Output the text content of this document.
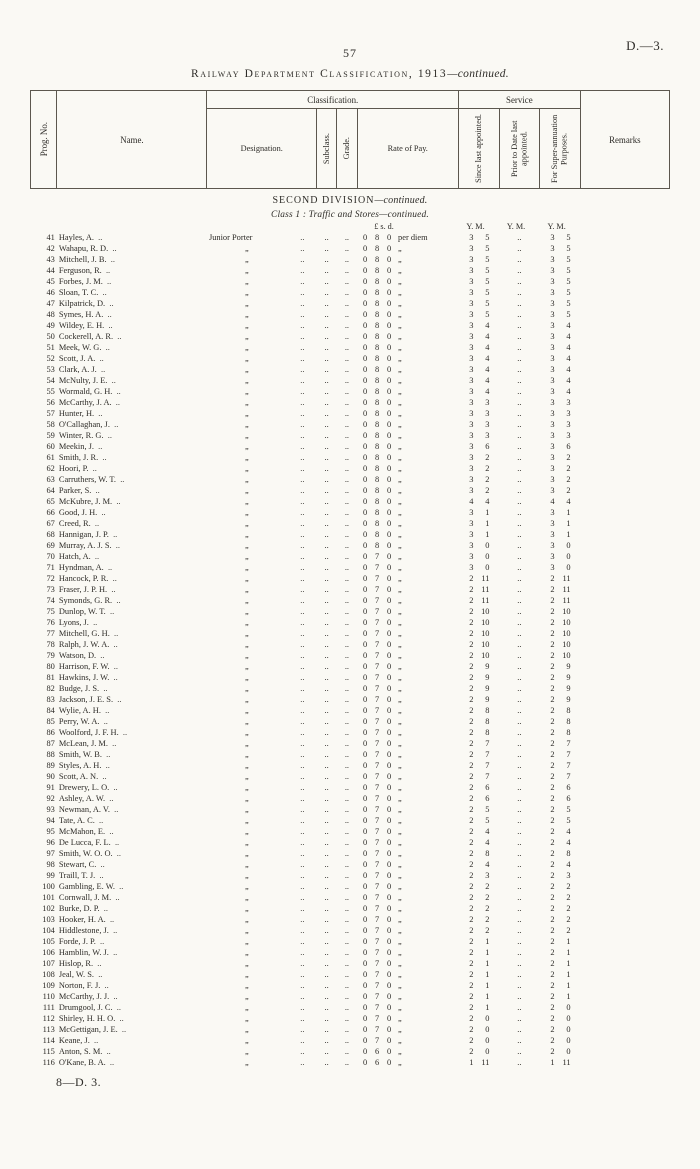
57	D.—3.
Railway Department Classification, 1913—continued.
Prog. No.	Name.	Classification.				Service			Remarks
		Designation.	Subclass.	Grade.	Rate of Pay.	Since last appointed.	Prior to Date last appointed.	For Super-annuation Purposes.	

SECOND DIVISION—continued.									
Class 1 : Traffic and Stores—continued.									
					£ s. d.	Y. M.	Y. M.	Y. M.	
41	Hayles, A.  ..	Junior Porter ..	..	..	0 8 0 per diem	3 5	..	3 5	
42	Wahapu, R. D.  ..	„ ..	..	..	0 8 0 „	3 5	..	3 5	
43	Mitchell, J. B.  ..	„ ..	..	..	0 8 0 „	3 5	..	3 5	
44	Ferguson, R.  ..	„ ..	..	..	0 8 0 „	3 5	..	3 5	
45	Forbes, J. M.  ..	„ ..	..	..	0 8 0 „	3 5	..	3 5	
46	Sloan, T. C.  ..	„ ..	..	..	0 8 0 „	3 5	..	3 5	
47	Kilpatrick, D.  ..	„ ..	..	..	0 8 0 „	3 5	..	3 5	
48	Symes, H. A.  ..	„ ..	..	..	0 8 0 „	3 5	..	3 5	
49	Wildey, E. H.  ..	„ ..	..	..	0 8 0 „	3 4	..	3 4	
50	Cockerell, A. R.  ..	„ ..	..	..	0 8 0 „	3 4	..	3 4	
51	Meek, W. G.  ..	„ ..	..	..	0 8 0 „	3 4	..	3 4	
52	Scott, J. A.  ..	„ ..	..	..	0 8 0 „	3 4	..	3 4	
53	Clark, A. J.  ..	„ ..	..	..	0 8 0 „	3 4	..	3 4	
54	McNulty, J. E.  ..	„ ..	..	..	0 8 0 „	3 4	..	3 4	
55	Wormald, G. H.  ..	„ ..	..	..	0 8 0 „	3 4	..	3 4	
56	McCarthy, J. A.  ..	„ ..	..	..	0 8 0 „	3 3	..	3 3	
57	Hunter, H.  ..	„ ..	..	..	0 8 0 „	3 3	..	3 3	
58	O'Callaghan, J.  ..	„ ..	..	..	0 8 0 „	3 3	..	3 3	
59	Winter, R. G.  ..	„ ..	..	..	0 8 0 „	3 3	..	3 3	
60	Meekin, J.  ..	„ ..	..	..	0 8 0 „	3 6	..	3 6	
61	Smith, J. R.  ..	„ ..	..	..	0 8 0 „	3 2	..	3 2	
62	Hoori, P.  ..	„ ..	..	..	0 8 0 „	3 2	..	3 2	
63	Carruthers, W. T.  ..	„ ..	..	..	0 8 0 „	3 2	..	3 2	
64	Parker, S.  ..	„ ..	..	..	0 8 0 „	3 2	..	3 2	
65	McKubre, J. M.  ..	„ ..	..	..	0 8 0 „	4 4	..	4 4	
66	Good, J. H.  ..	„ ..	..	..	0 8 0 „	3 1	..	3 1	
67	Creed, R.  ..	„ ..	..	..	0 8 0 „	3 1	..	3 1	
68	Hannigan, J. P.  ..	„ ..	..	..	0 8 0 „	3 1	..	3 1	
69	Murray, A. J. S.  ..	„ ..	..	..	0 8 0 „	3 0	..	3 0	
70	Hatch, A.  ..	„ ..	..	..	0 7 0 „	3 0	..	3 0	
71	Hyndman, A.  ..	„ ..	..	..	0 7 0 „	3 0	..	3 0	
72	Hancock, P. R.  ..	„ ..	..	..	0 7 0 „	2 11	..	2 11	
73	Fraser, J. P. H.  ..	„ ..	..	..	0 7 0 „	2 11	..	2 11	
74	Symonds, G. R.  ..	„ ..	..	..	0 7 0 „	2 11	..	2 11	
75	Dunlop, W. T.  ..	„ ..	..	..	0 7 0 „	2 10	..	2 10	
76	Lyons, J.  ..	„ ..	..	..	0 7 0 „	2 10	..	2 10	
77	Mitchell, G. H.  ..	„ ..	..	..	0 7 0 „	2 10	..	2 10	
78	Ralph, J. W. A.  ..	„ ..	..	..	0 7 0 „	2 10	..	2 10	
79	Watson, D.  ..	„ ..	..	..	0 7 0 „	2 10	..	2 10	
80	Harrison, F. W.  ..	„ ..	..	..	0 7 0 „	2 9	..	2 9	
81	Hawkins, J. W.  ..	„ ..	..	..	0 7 0 „	2 9	..	2 9	
82	Budge, J. S.  ..	„ ..	..	..	0 7 0 „	2 9	..	2 9	
83	Jackson, J. E. S.  ..	„ ..	..	..	0 7 0 „	2 9	..	2 9	
84	Wylie, A. H.  ..	„ ..	..	..	0 7 0 „	2 8	..	2 8	
85	Perry, W. A.  ..	„ ..	..	..	0 7 0 „	2 8	..	2 8	
86	Woolford, J. F. H.  ..	„ ..	..	..	0 7 0 „	2 8	..	2 8	
87	McLean, J. M.  ..	„ ..	..	..	0 7 0 „	2 7	..	2 7	
88	Smith, W. B.  ..	„ ..	..	..	0 7 0 „	2 7	..	2 7	
89	Styles, A. H.  ..	„ ..	..	..	0 7 0 „	2 7	..	2 7	
90	Scott, A. N.  ..	„ ..	..	..	0 7 0 „	2 7	..	2 7	
91	Drewery, L. O.  ..	„ ..	..	..	0 7 0 „	2 6	..	2 6	
92	Ashley, A. W.  ..	„ ..	..	..	0 7 0 „	2 6	..	2 6	
93	Newman, A. V.  ..	„ ..	..	..	0 7 0 „	2 5	..	2 5	
94	Tate, A. C.  ..	„ ..	..	..	0 7 0 „	2 5	..	2 5	
95	McMahon, E.  ..	„ ..	..	..	0 7 0 „	2 4	..	2 4	
96	De Lucca, F. L.  ..	„ ..	..	..	0 7 0 „	2 4	..	2 4	
97	Smith, W. O. O.  ..	„ ..	..	..	0 7 0 „	2 8	..	2 8	
98	Stewart, C.  ..	„ ..	..	..	0 7 0 „	2 4	..	2 4	
99	Traill, T. J.  ..	„ ..	..	..	0 7 0 „	2 3	..	2 3	
100	Gambling, E. W.  ..	„ ..	..	..	0 7 0 „	2 2	..	2 2	
101	Cornwall, J. M.  ..	„ ..	..	..	0 7 0 „	2 2	..	2 2	
102	Burke, D. P.  ..	„ ..	..	..	0 7 0 „	2 2	..	2 2	
103	Hooker, H. A.  ..	„ ..	..	..	0 7 0 „	2 2	..	2 2	
104	Hiddlestone, J.  ..	„ ..	..	..	0 7 0 „	2 2	..	2 2	
105	Forde, J. P.  ..	„ ..	..	..	0 7 0 „	2 1	..	2 1	
106	Hamblin, W. J.  ..	„ ..	..	..	0 7 0 „	2 1	..	2 1	
107	Hislop, R.  ..	„ ..	..	..	0 7 0 „	2 1	..	2 1	
108	Jeal, W. S.  ..	„ ..	..	..	0 7 0 „	2 1	..	2 1	
109	Norton, F. J.  ..	„ ..	..	..	0 7 0 „	2 1	..	2 1	
110	McCarthy, J. J.  ..	„ ..	..	..	0 7 0 „	2 1	..	2 1	
111	Drumgool, J. C.  ..	„ ..	..	..	0 7 0 „	2 1	..	2 0	
112	Shirley, H. H. O.  ..	„ ..	..	..	0 7 0 „	2 0	..	2 0	
113	McGettigan, J. E.  ..	„ ..	..	..	0 7 0 „	2 0	..	2 0	
114	Keane, J.  ..	„ ..	..	..	0 7 0 „	2 0	..	2 0	
115	Anton, S. M.  ..	„ ..	..	..	0 6 0 „	2 0	..	2 0	
116	O'Kane, B. A.  ..	„ ..	..	..	0 6 0 „	1 11	..	1 11	
8—D. 3.
